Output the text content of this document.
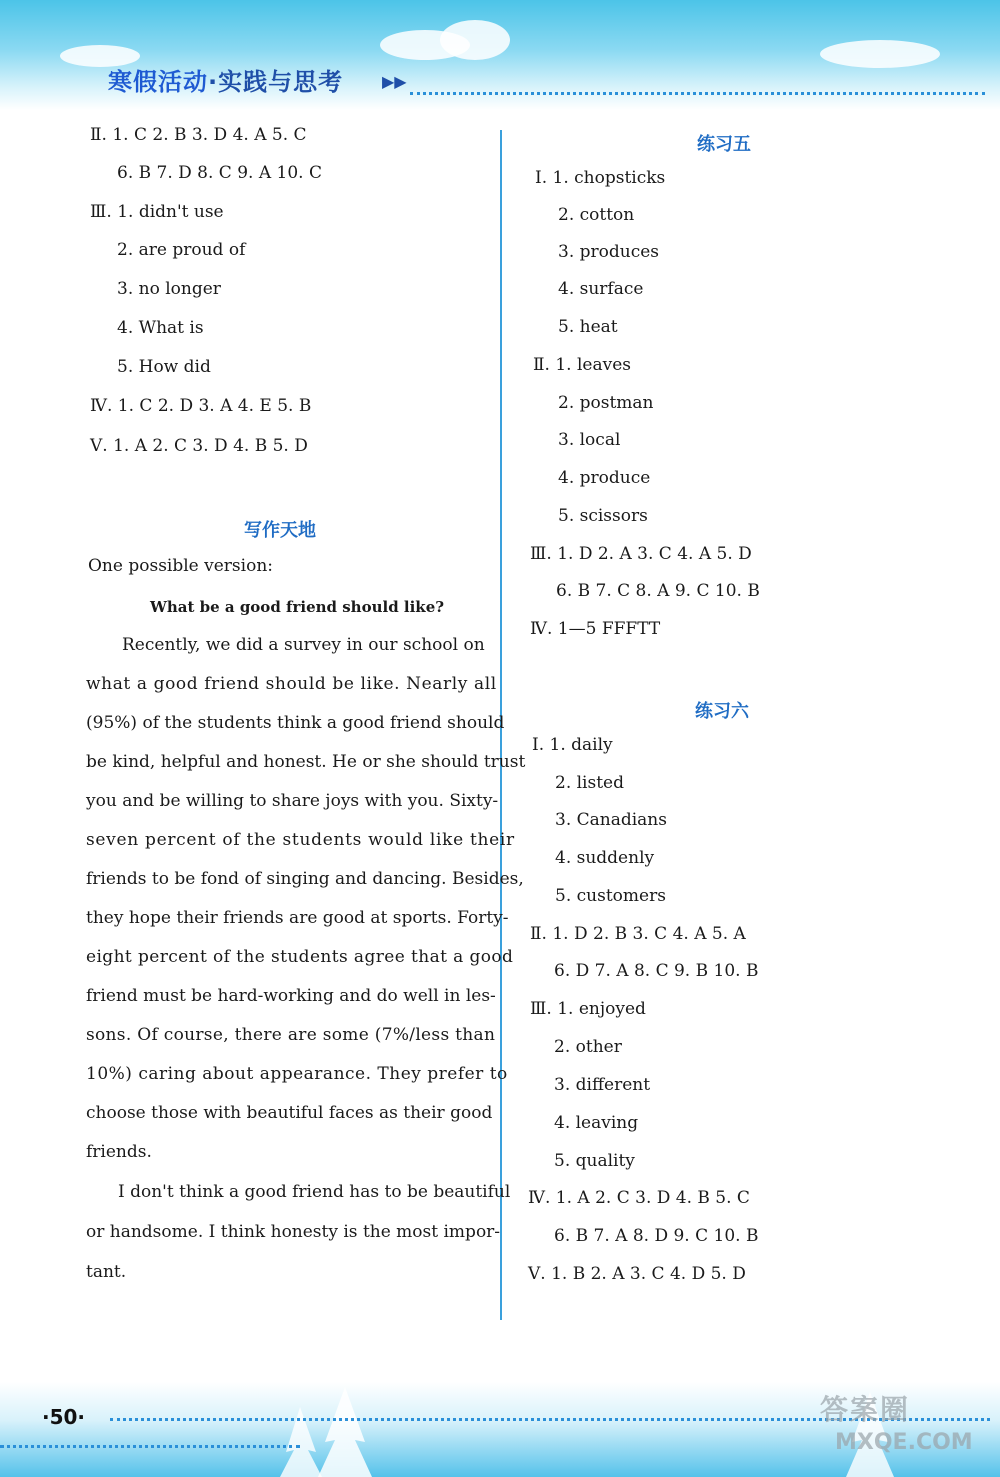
寒假活动·实践与思考 ▶▶
Ⅱ. 1. C 2. B 3. D 4. A 5. C
6. B 7. D 8. C 9. A 10. C
Ⅲ. 1. didn't use
2. are proud of
3. no longer
4. What is
5. How did
Ⅳ. 1. C 2. D 3. A 4. E 5. B
Ⅴ. 1. A 2. C 3. D 4. B 5. D
写作天地
One possible version:
What be a good friend should like?
Recently, we did a survey in our school on
what a good friend should be like. Nearly all
(95%) of the students think a good friend should
be kind, helpful and honest. He or she should trust
you and be willing to share joys with you. Sixty-
seven percent of the students would like their
friends to be fond of singing and dancing. Besides,
they hope their friends are good at sports. Forty-
eight percent of the students agree that a good
friend must be hard-working and do well in les-
sons. Of course, there are some (7%/less than
10%) caring about appearance. They prefer to
choose those with beautiful faces as their good
friends.
I don't think a good friend has to be beautiful
or handsome. I think honesty is the most impor-
tant.
练习五
Ⅰ. 1. chopsticks
2. cotton
3. produces
4. surface
5. heat
Ⅱ. 1. leaves
2. postman
3. local
4. produce
5. scissors
Ⅲ. 1. D 2. A 3. C 4. A 5. D
6. B 7. C 8. A 9. C 10. B
Ⅳ. 1—5 FFFTT
练习六
Ⅰ. 1. daily
2. listed
3. Canadians
4. suddenly
5. customers
Ⅱ. 1. D 2. B 3. C 4. A 5. A
6. D 7. A 8. C 9. B 10. B
Ⅲ. 1. enjoyed
2. other
3. different
4. leaving
5. quality
Ⅳ. 1. A 2. C 3. D 4. B 5. C
6. B 7. A 8. D 9. C 10. B
Ⅴ. 1. B 2. A 3. C 4. D 5. D
·50·	答案圈
MXQE.COM
